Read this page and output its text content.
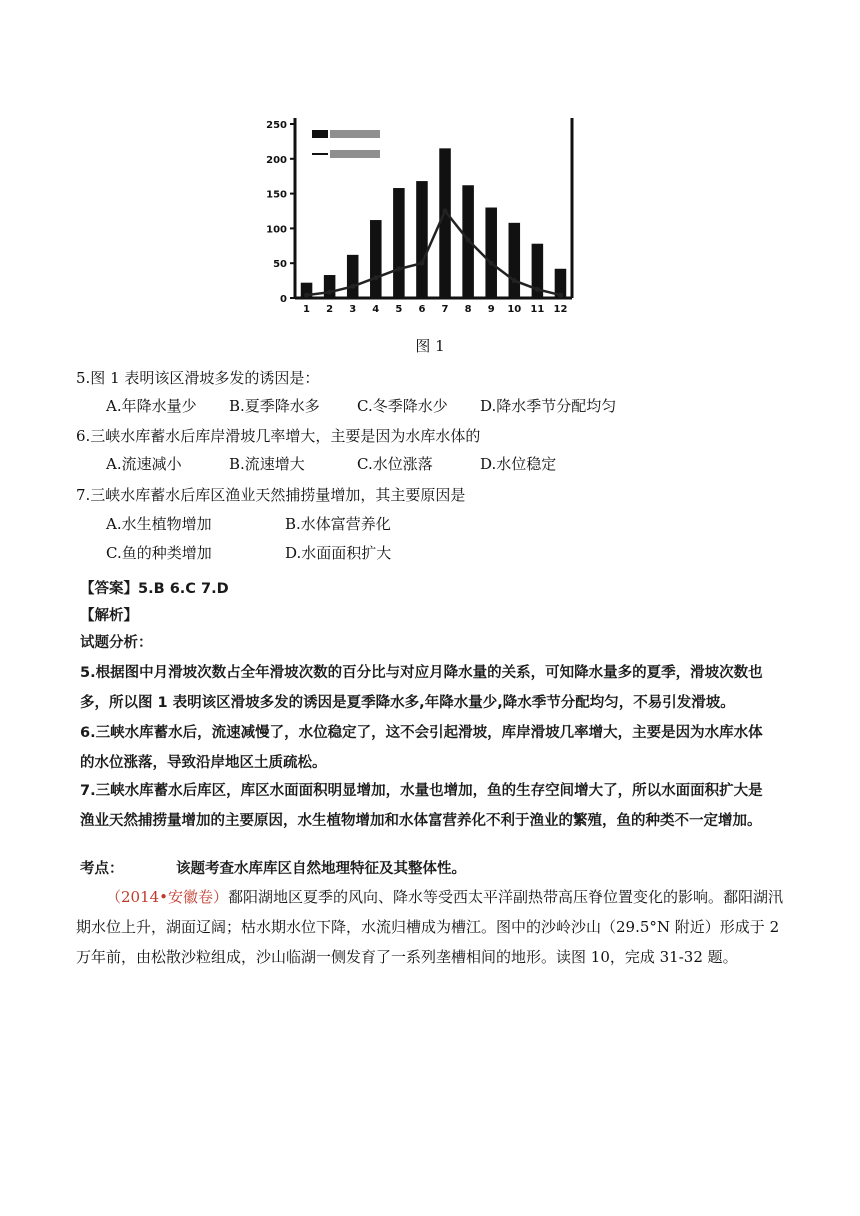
0
50
100
150
200
250
1 2 3 4 5 6 7 8 9 10 11 12
图 1
5.图 1 表明该区滑坡多发的诱因是：
A.年降水量少 B.夏季降水多 C.冬季降水少 D.降水季节分配均匀
6.三峡水库蓄水后库岸滑坡几率增大，主要是因为水库水体的
A.流速减小	B.流速增大	C.水位涨落	D.水位稳定
7.三峡水库蓄水后库区渔业天然捕捞量增加，其主要原因是
A.水生植物增加	B.水体富营养化
C.鱼的种类增加	D.水面面积扩大
【答案】5.B 6.C 7.D
【解析】
试题分析：
5.根据图中月滑坡次数占全年滑坡次数的百分比与对应月降水量的关系，可知降水量多的夏季，滑坡次数也多，所以图 1 表明该区滑坡多发的诱因是夏季降水多,年降水量少,降水季节分配均匀，不易引发滑坡。
6.三峡水库蓄水后，流速减慢了，水位稳定了，这不会引起滑坡，库岸滑坡几率增大，主要是因为水库水体的水位涨落，导致沿岸地区土质疏松。
7.三峡水库蓄水后库区，库区水面面积明显增加，水量也增加，鱼的生存空间增大了，所以水面面积扩大是渔业天然捕捞量增加的主要原因，水生植物增加和水体富营养化不利于渔业的繁殖，鱼的种类不一定增加。
考点：	该题考查水库库区自然地理特征及其整体性。
（2014•安徽卷）鄱阳湖地区夏季的风向、降水等受西太平洋副热带高压脊位置变化的影响。鄱阳湖汛期水位上升，湖面辽阔；枯水期水位下降，水流归槽成为槽江。图中的沙岭沙山（29.5°N 附近）形成于 2 万年前，由松散沙粒组成，沙山临湖一侧发育了一系列垄槽相间的地形。读图 10，完成 31-32 题。
